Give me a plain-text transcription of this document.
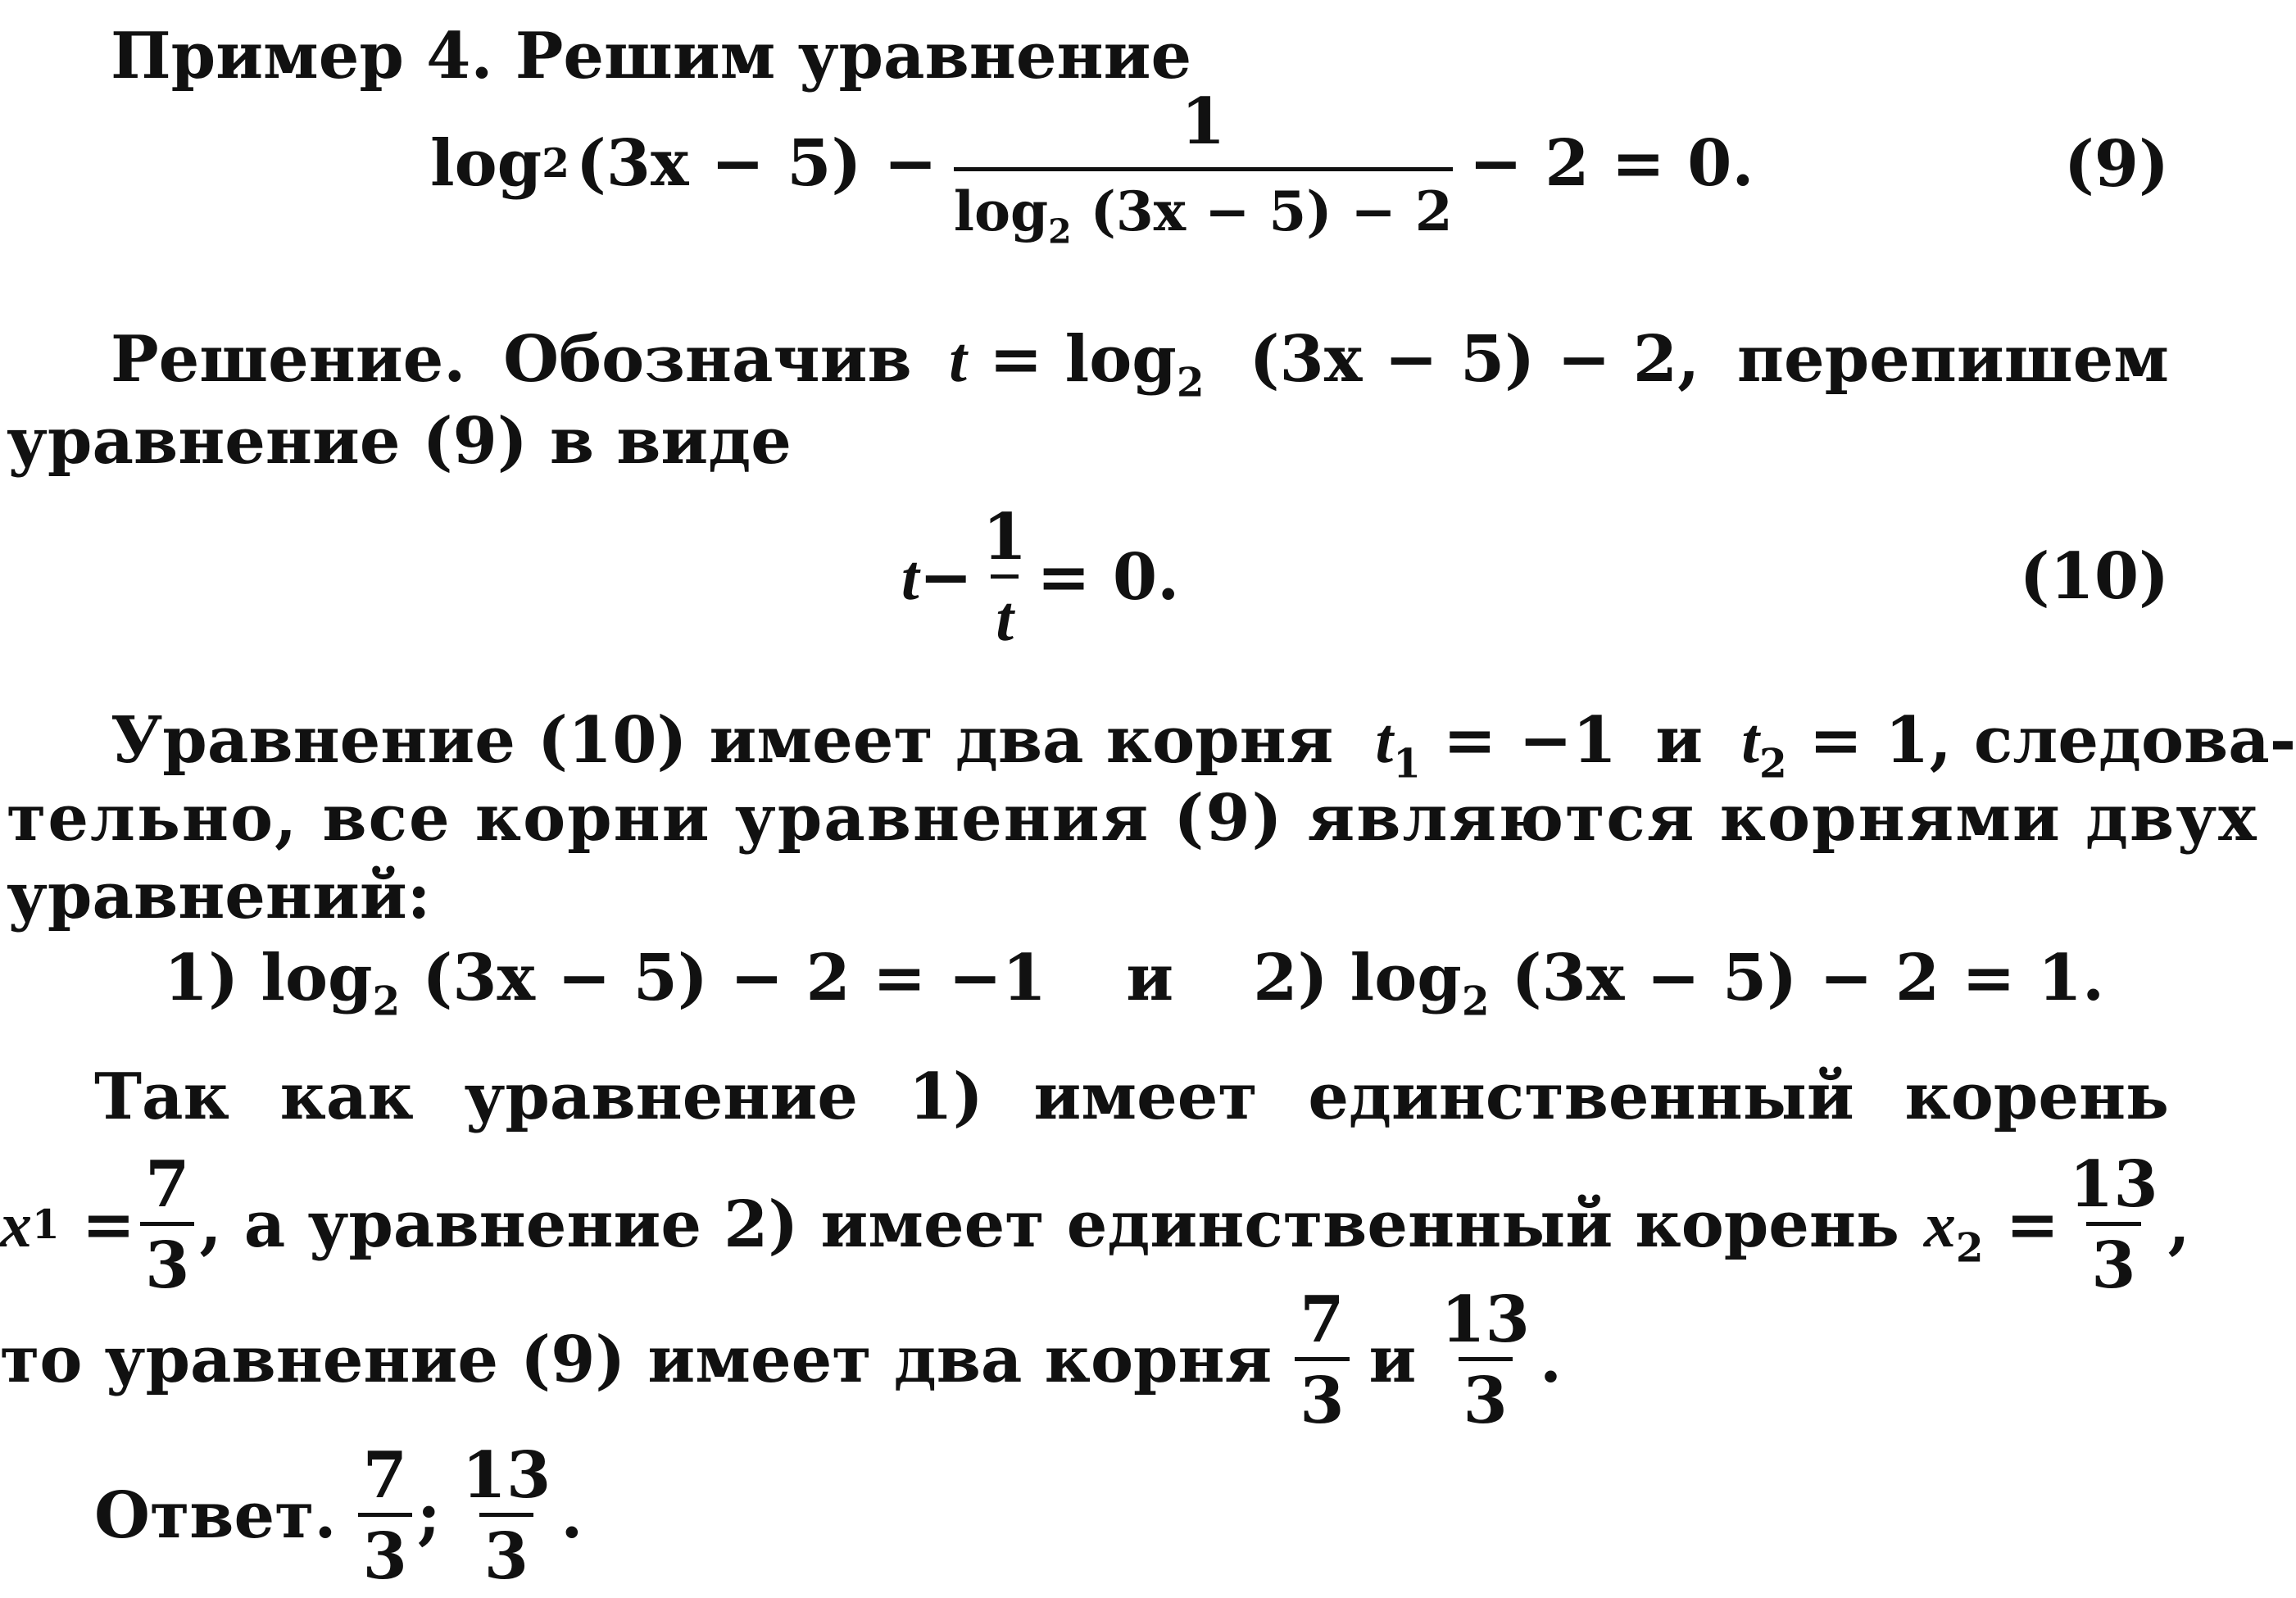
Пример 4. Решим уравнение
log 2 $(3x - 5) - \frac{1}{\log_2 (3x - 5) - 2} - 2 = 0$.	(9)
Решение. Обозначив $t = \log_2 (3x - 5) - 2$, перепишем
уравнение (9) в виде
$t - \frac{1}{t} = 0$.	(10)
Уравнение (10) имеет два корня $t_1 = -1$ и $t_2 = 1$, следова-
тельно, все корни уравнения (9) являются корнями двух
уравнений:
1) $\log_2 (3x - 5) - 2 = -1$ и 2) $\log_2 (3x - 5) - 2 = 1$.
Так как уравнение 1) имеет единственный корень
x $1 = \frac{7}{3}$ , а уравнение 2) имеет единственный корень $x_2 = \frac{13}{3}$ ,
то уравнение (9) имеет два корня $\frac{7}{3}$ и $\frac{13}{3}$ .
Ответ. $\frac{7}{3}$ ; $\frac{13}{3}$ .
